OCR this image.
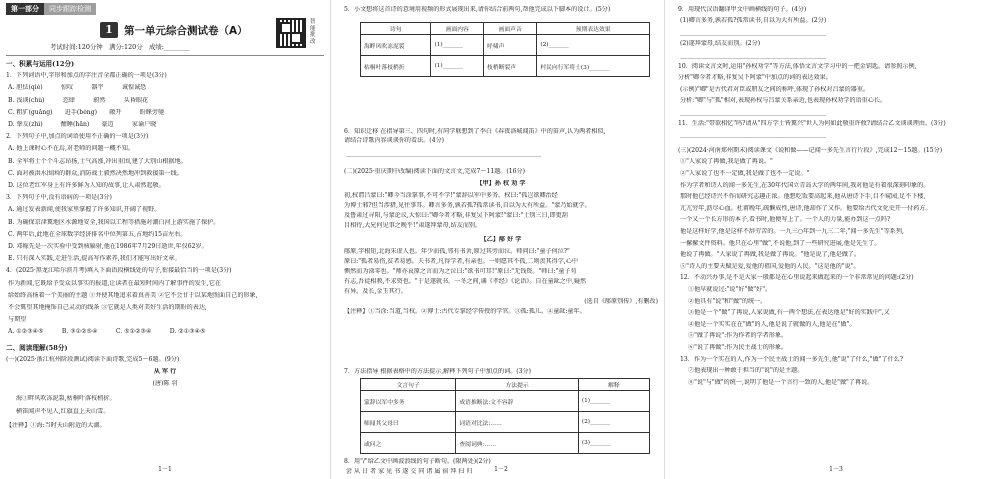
第一部分	同步跟踪检测
1	第一单元综合测试卷（A）
智能批改
考试时间:120分钟　满分:120分　成绩:________
一、积累与运用(12分)
1．下列词语中,字形和加点的字注音全都正确的一项是(3分)
A. 胆怯(qiè)　　　惊叹　　　器宇　　　诚惶诚恐
B. 浅谈(chù)　　　恣肆　　　蔚然　　　头昏眼花
C. 粗犷(guǎng)　　迸手(bèng)　　敞开　　　盼睐旁驰
D. 挚友(zhì)　　　酣睡(hān)　　豪迈　　　家谕户晓
2．下列句子中,加点的词语使用不正确的一项是(3分)
A. 他上课时心不在焉,对老师的问题一概不知。
B. 全军将士个个斗志昂扬,士气高涨,冲出重围,建了大别山根据地。
C. 面对被洪水围困的群众,消防战士毅然决然地冲到救援第一线。
D. 这位老红军身上有许多鲜为人知的故事,让人肃然起敬。
3．下列句子中,没有语病的一项是(3分)
A. 通过发表新闻,使我家里掌握了许多知识,开阔了视野。
B. 为确保京津冀地区水源地安全,我国以工程等措施对潮白河上游实施了保护。
C. 两年后,此地在全球数字经济排名中位列第五,占地约15亩左右。
D. 邓稼先是一次实验中受到核辐射,他在1986年7月29日逝世,年仅62岁。
E. 只有深入实践,走进生活,提高写作素养,我们才能写出好文章。
4．(2025·黑龙江哈尔滨月考)填入下面语段横线处的句子,衔接最恰当的一项是(3分)
作为新闻,它既给予受众以事实的报道,让读者在最短时间内了解事件的发生,它在
给始终高扬着一个美丽的主题 ①并使其地追求着真善美 ②它不会甘于以某地照面自己的形象,
不会冀望其地掩饰自己灵动的线条 ③它就是人类对美好生活的期盼的表达,
与期望
A. ①②③④⑤　　　B. ③①②⑤④　　　C. ⑤①②③④　　　D. ②①③④⑤
二、阅读理解(58分)
(一)(2025·浙江杭州阶段测试)阅读下面诗歌,完成5～6题。(9分)
从 军 行
(唐)陈 羽
海①畔风吹冻泥裂,枯桐叶落枝梢折。
横笛闻声不见人,红旗直上天山雪。
【注释】①海:当时天山附近的大湖。
1－1
5．小文想将这首诗的意境用视频的形式展现出来,请你结合前两句,帮他完成以下脚本的设计。(5分)
6．知识迁移 在指导第三、四句时,有同学联想到了李白《春夜洛城闻笛》中的笛声,认为两者相似,
请结合诗歌内容谈谈你的看法。(4分)
________________________________________________________________
(二)(2025·重庆期中改编)阅读下面的文言文,完成7～11题。(16分)
【甲】孙 权 劝 学
初,权谓吕蒙曰:"卿今当涂掌事,不可不学!"蒙辞以军中多务。权曰:"孤岂欲卿治经
为博士邪?但当涉猎,见往事耳。卿言多务,孰若孤?孤常读书,自以为大有所益。"蒙乃始就学。
及鲁肃过寻阳,与蒙论议,大惊曰:"卿今者才略,非复吴下阿蒙!"蒙曰:"士别三日,即更刮
目相待,大兄何见事之晚乎!"肃遂拜蒙母,结友而别。
【乙】邴 好 学
邴原,字根矩,北海朱虚人也。年少而孤,邻有书舍,原过其旁而泣。师问曰:"童子何泣?"
原曰:"孤者易伤,贫者易感。夫书者,凡得学者,有亲也。一则愿其不孤,二则羡其得学,心中
恻然而为涕零也。"师亦哀原之言而为之泣曰:"欲书可耳!"原曰:"无钱资。"师曰:"童子苟
有志,吾徒相教,不求资也。"于是遂就书。一冬之间,诵《孝经》《论语》。自在童龀之中,嶷然
有异。及长,金玉其行。
(选自《邴原别传》,有删改)
【注释】①当涂:当道,当权。②博士:古代专掌经学传授的学官。③孤:孤儿。④童龀:童年。
7．方法指导 根据表格中的方法提示,解释下列句子中加点的词。(3分)
8．用"/"给乙文中画波浪线的句子断句。(限两处)(2分)
尝 从 日 者 家 见 书 遂 交 同 诸 属 宿 拜 扫 归
诗句	画面内容	画面声音	预期表达效果
海畔风吹冻泥裂	(1)_______	呼啸声	(2)_______
枯桐叶落枝梢折	(1)_______	枝梢断裂声	村民向行军将士(3)_______
文言句子	方法提示	解释
蒙辞以军中多务	成语推断法:文不容辞	(1)_______
师闻其父母曰	词语对比法:……	(2)_______
或问之	查阅词典:……	(3)_______
1－2
9．用现代汉语翻译甲文中画横线的句子。(4分)
(1)卿言多务,孰若孤?孤常读书,自以为大有所益。(2分)
________________________________________________
(2)遂拜蒙母,结友而别。(2分)
________________________________________________
10．阅读文言文时,运用"孙权劝学"等方法,体悟文言文学习中的一把金钥匙。请参照示例,
分析"卿今者才略,非复吴下阿蒙"中加点的词的表达效果。
(示例)"卿"是古代君对臣或朋友之间的称呼,体现了孙权对吕蒙的器重。
分析:"卿"与"孤"相对,表现孙权与吕蒙关系亲近,也表现孙权劝学的语重心长。
________________________________________________
11．生活:"带欲相忆"吗?请从"四方学士皆冀兴"世人为何如此敬重许攸?请结合乙文谈谈理由。(3分)
________________________________________________
(三)(2024·河南郑州期末)阅读课文《说和做——记闻一多先生言行片段》,完成12～15题。(15分)
①"人家说了再做,我是做了再说。"
②"人家说了也不一定做,我是做了也不一定说。"
作为学者和诗人的闻一多先生,在30年代国立青岛大学的两年间,我对他是有着很深刻印象的。
那时他已经诗兴不作而研究志趣正浓。他想吃饭要高起来,他从唐诗下手,目不窥园,足不下楼,
兀兀穷年,沥尽心血。杜甫晚年,疏懒成性,唐诗,他却作了又作。他要给古代文化史开一付药方。
一个又一个长方形的本子,看书时,他便写上了。一个人的力量,能办到这一点吗?
他是这样好学,他是这样不辞劳苦的。一九三○年到一九三二年,"闻一多先生"等系列,
一摞摞文件资料。他只在心里"做",不说他,到了一些研究进展,他是先生了。
他说了再做。"人家说了再做,我是做了再说。"他是说了,他是做了。
⑤"诗人的主要天赋是爱,爱他的祖国,爱他的人民。"这是他的"说"。
12．不动兴办事,是不是大家一般都是在心里说起来做起来的一个非常常见的问题:(2分)
①他早就说过:"说"好"做"好"。
②他具有"说"和"做"的统一。
③他是一个"做"了再说,人家说做,有一两个想法,在表达他是"好的实践中",又
④他是一个实实在在"做"的人,他是说了就做的人,他是在"做"。
⑤"做了再说":作为作者的学者形象。
⑥"说了再做":作为民主战士的形象。
13．作为一个实在的人,作为一个民主战士的闻一多先生,他"说"了什么,"做"了什么?
⑦他表现出一种敢于担当的"说"的是主题。
⑧"说"与"做"的统一,说明了他是一个言行一致的人,他是"做"了再说。
1－3
